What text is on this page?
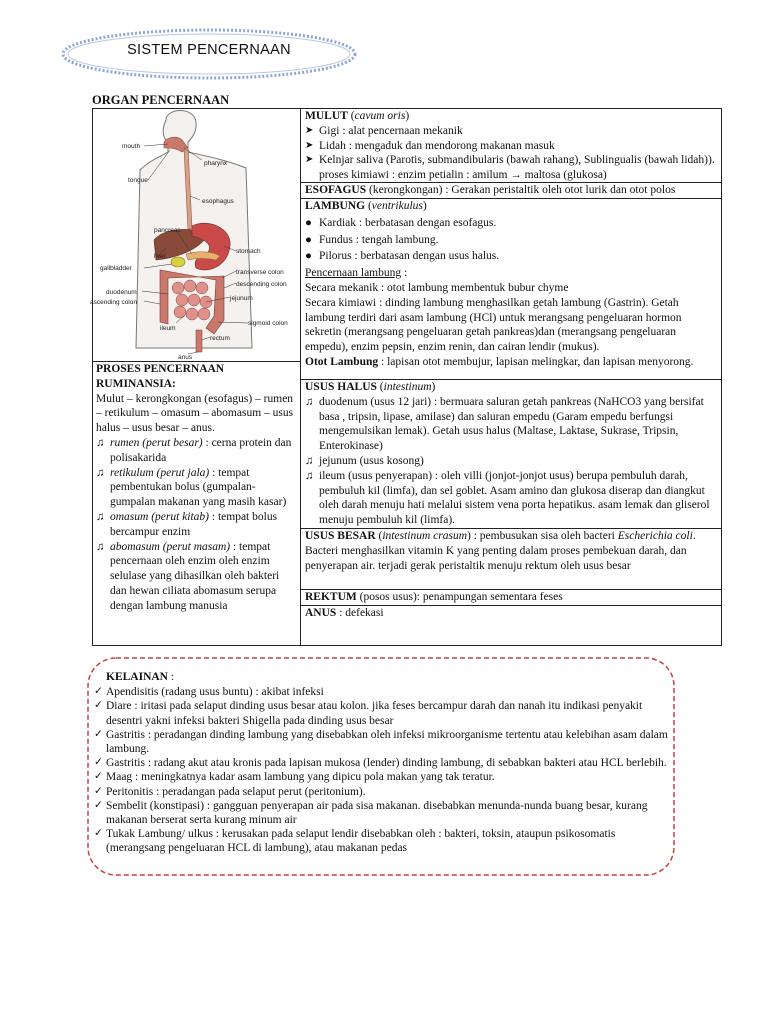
SISTEM PENCERNAAN
ORGAN PENCERNAAN
mouth
tongue
pharynx
esophagus
pancreas
liver
stomach
gallbladder
transverse colon
descending colon
duodenum
jejunum
ascending colon
sigmoid colon
ileum
rectum
anus
PROSES PENCERNAAN RUMINANSIA:
Mulut – kerongkongan (esofagus) – rumen – retikulum – omasum – abomasum – usus halus – usus besar – anus.
♫ rumen (perut besar) : cerna protein dan polisakarida
♫ retikulum (perut jala) : tempat pembentukan bolus (gumpalan-gumpalan makanan yang masih kasar)
♫ omasum (perut kitab) : tempat bolus bercampur enzim
♫ abomasum (perut masam) : tempat pencernaan oleh enzim oleh enzim selulase yang dihasilkan oleh bakteri dan hewan ciliata abomasum serupa dengan lambung manusia
MULUT (cavum oris)
➤ Gigi : alat pencernaan mekanik
➤ Lidah : mengaduk dan mendorong makanan masuk
➤ Kelnjar saliva (Parotis, submandibularis (bawah rahang), Sublingualis (bawah lidah)). proses kimiawi : enzim petialin : amilum → maltosa (glukosa)
ESOFAGUS (kerongkongan) : Gerakan peristaltik oleh otot lurik dan otot polos
LAMBUNG (ventrikulus)
● Kardiak : berbatasan dengan esofagus.
● Fundus : tengah lambung.
● Pilorus : berbatasan dengan usus halus.
Pencernaan lambung :
Secara mekanik : otot lambung membentuk bubur chyme
Secara kimiawi : dinding lambung menghasilkan getah lambung (Gastrin). Getah lambung terdiri dari asam lambung (HCl) untuk merangsang pengeluaran hormon sekretin (merangsang pengeluaran getah pankreas)dan (merangsang pengeluaran empedu), enzim pepsin, enzim renin, dan cairan lendir (mukus).
Otot Lambung : lapisan otot membujur, lapisan melingkar, dan lapisan menyorong.
USUS HALUS (intestinum)
♫ duodenum (usus 12 jari) : bermuara saluran getah pankreas (NaHCO3 yang bersifat basa , tripsin, lipase, amilase) dan saluran empedu (Garam empedu berfungsi mengemulsikan lemak). Getah usus halus (Maltase, Laktase, Sukrase, Tripsin, Enterokinase)
♫ jejunum (usus kosong)
♫ ileum (usus penyerapan) : oleh villi (jonjot-jonjot usus) berupa pembuluh darah, pembuluh kil (limfa), dan sel goblet. Asam amino dan glukosa diserap dan diangkut oleh darah menuju hati melalui sistem vena porta hepatikus. asam lemak dan gliserol menuju pembuluh kil (limfa).
USUS BESAR (intestinum crasum) : pembusukan sisa oleh bacteri Escherichia coli. Bacteri menghasilkan vitamin K yang penting dalam proses pembekuan darah, dan penyerapan air. terjadi gerak peristaltik menuju rektum oleh usus besar
REKTUM (posos usus): penampungan sementara feses
ANUS : defekasi
KELAINAN :
✓ Apendisitis (radang usus buntu) : akibat infeksi
✓ Diare : iritasi pada selaput dinding usus besar atau kolon. jika feses bercampur darah dan nanah itu indikasi penyakit desentri yakni infeksi bakteri Shigella pada dinding usus besar
✓ Gastritis : peradangan dinding lambung yang disebabkan oleh infeksi mikroorganisme tertentu atau kelebihan asam dalam lambung.
✓ Gastritis : radang akut atau kronis pada lapisan mukosa (lender) dinding lambung, di sebabkan bakteri atau HCL berlebih.
✓ Maag : meningkatnya kadar asam lambung yang dipicu pola makan yang tak teratur.
✓ Peritonitis : peradangan pada selaput perut (peritonium).
✓ Sembelit (konstipasi) : gangguan penyerapan air pada sisa makanan. disebabkan menunda-nunda buang besar, kurang makanan berserat serta kurang minum air
✓ Tukak Lambung/ ulkus : kerusakan pada selaput lendir disebabkan oleh : bakteri, toksin, ataupun psikosomatis (merangsang pengeluaran HCL di lambung), atau makanan pedas
